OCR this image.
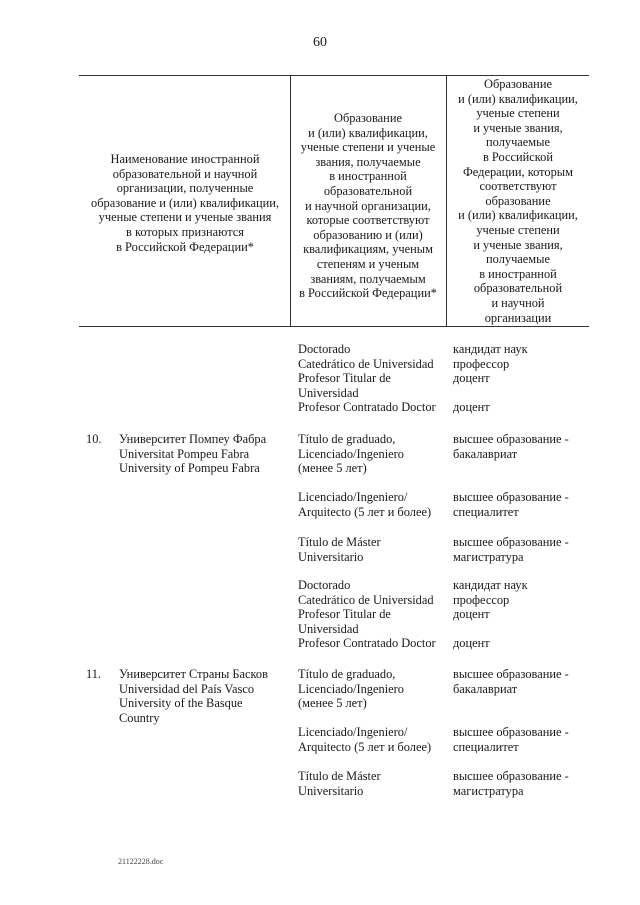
60
Наименование иностранной
образовательной и научной
организации, полученные
образование и (или) квалификации,
ученые степени и ученые звания
в которых признаются
в Российской Федерации*
Образование
и (или) квалификации,
ученые степени и ученые
звания, получаемые
в иностранной
образовательной
и научной организации,
которые соответствуют
образованию и (или)
квалификациям, ученым
степеням и ученым
званиям, получаемым
в Российской Федерации*
Образование
и (или) квалификации,
ученые степени
и ученые звания,
получаемые
в Российской
Федерации, которым
соответствуют
образование
и (или) квалификации,
ученые степени
и ученые звания,
получаемые
в иностранной
образовательной
и научной
организации
Doctorado
Catedrático de Universidad
Profesor Titular de
Universidad
Profesor Contratado Doctor
кандидат наук
профессор
доцент

доцент
10. Университет Помпеу Фабра
Universitat Pompeu Fabra
University of Pompeu Fabra
Título de graduado,
Licenciado/Ingeniero
(менее 5 лет)
высшее образование -
бакалавриат
Licenciado/Ingeniero/
Arquitecto (5 лет и более)
высшее образование -
специалитет
Título de Máster
Universitario
высшее образование -
магистратура
Doctorado
Catedrático de Universidad
Profesor Titular de
Universidad
Profesor Contratado Doctor
кандидат наук
профессор
доцент

доцент
11. Университет Страны Басков
Universidad del País Vasco
University of the Basque
Country
Título de graduado,
Licenciado/Ingeniero
(менее 5 лет)
высшее образование -
бакалавриат
Licenciado/Ingeniero/
Arquitecto (5 лет и более)
высшее образование -
специалитет
Título de Máster
Universitario
высшее образование -
магистратура
21122228.doc
